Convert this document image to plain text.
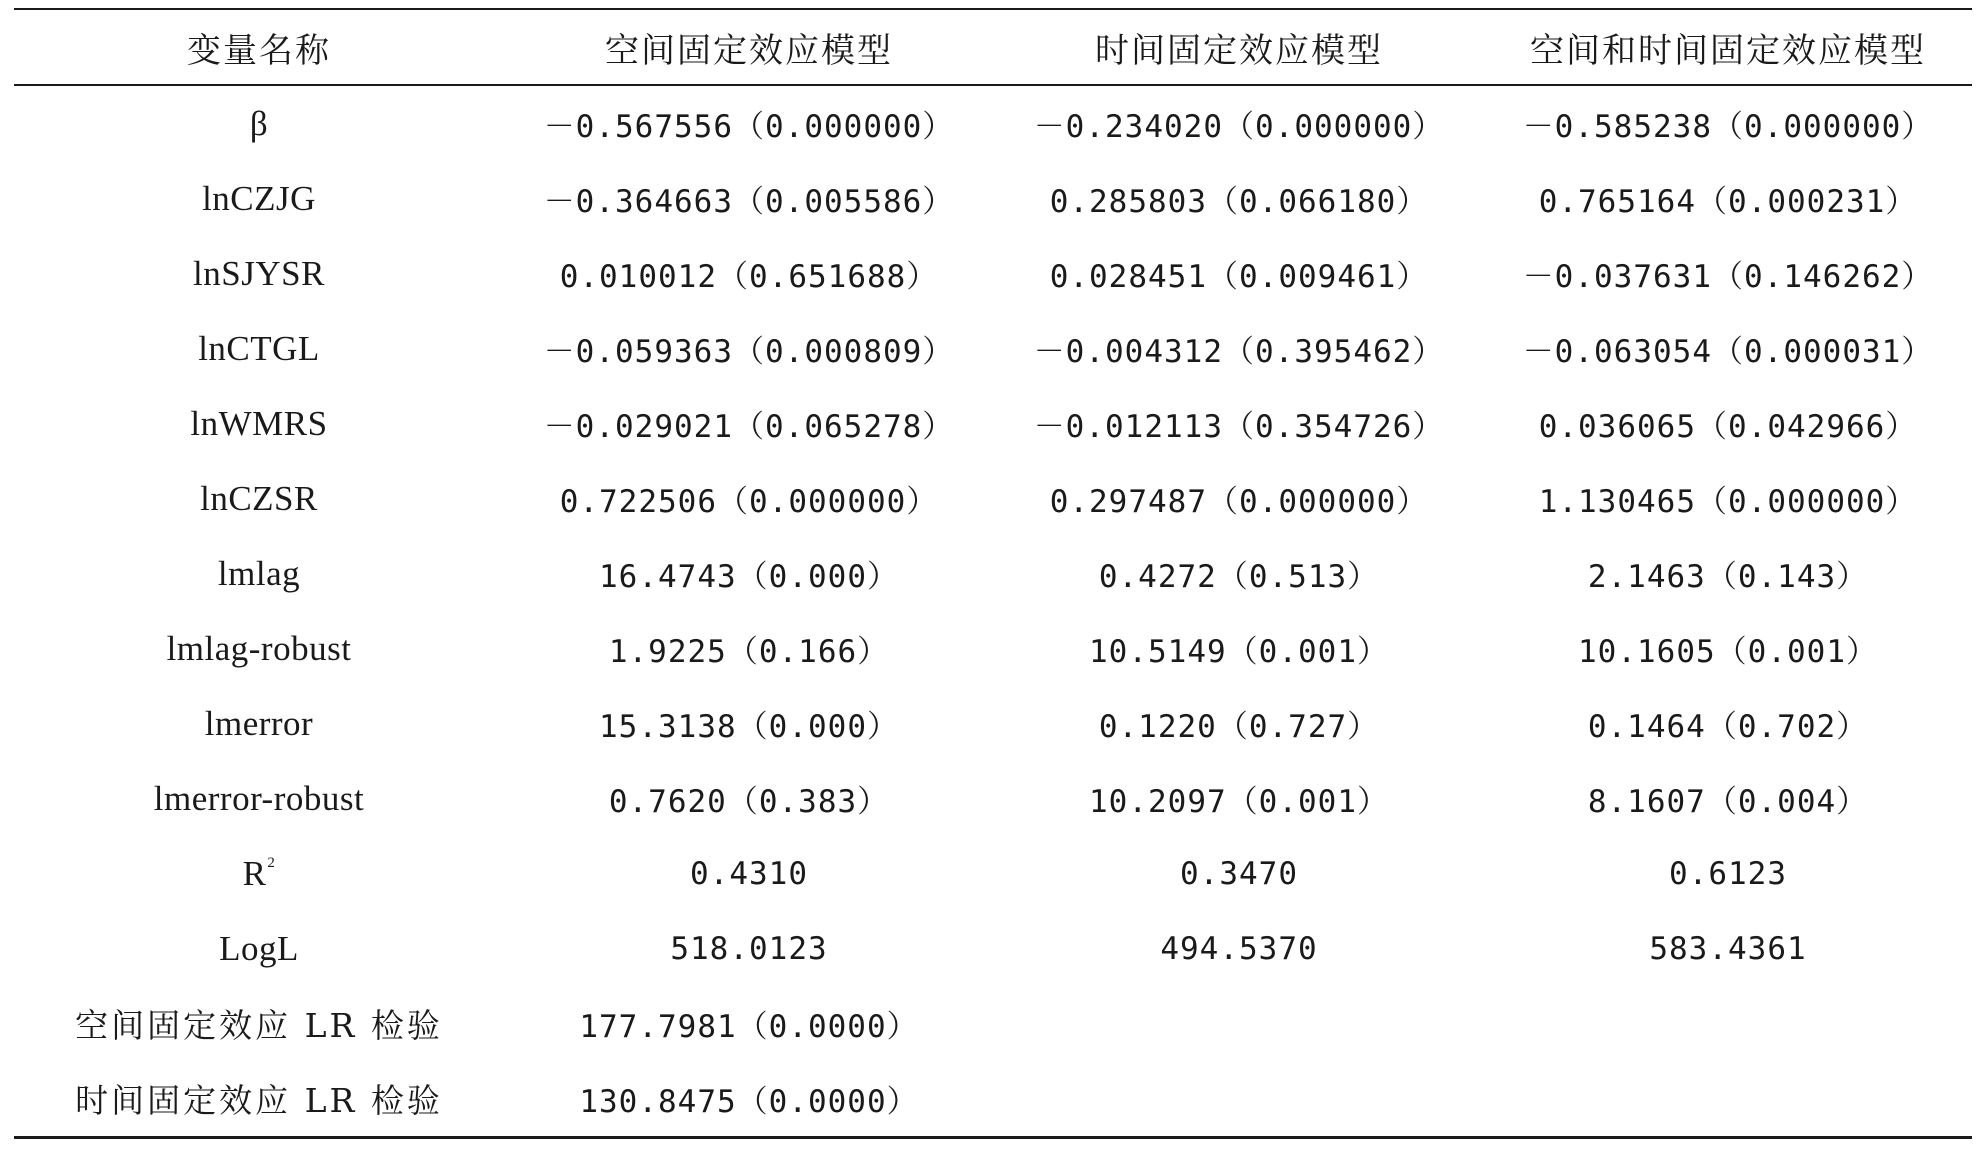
变量名称	空间固定效应模型	时间固定效应模型	空间和时间固定效应模型
β	－0.567556（0.000000）	－0.234020（0.000000）	－0.585238（0.000000）
lnCZJG	－0.364663（0.005586）	0.285803（0.066180）	0.765164（0.000231）
lnSJYSR	0.010012（0.651688）	0.028451（0.009461）	－0.037631（0.146262）
lnCTGL	－0.059363（0.000809）	－0.004312（0.395462）	－0.063054（0.000031）
lnWMRS	－0.029021（0.065278）	－0.012113（0.354726）	0.036065（0.042966）
lnCZSR	0.722506（0.000000）	0.297487（0.000000）	1.130465（0.000000）
lmlag	16.4743（0.000）	0.4272（0.513）	2.1463（0.143）
lmlag-robust	1.9225（0.166）	10.5149（0.001）	10.1605（0.001）
lmerror	15.3138（0.000）	0.1220（0.727）	0.1464（0.702）
lmerror-robust	0.7620（0.383）	10.2097（0.001）	8.1607（0.004）
$R^2$	0.4310	0.3470	0.6123
LogL	518.0123	494.5370	583.4361
空间固定效应 LR 检验	177.7981（0.0000）
时间固定效应 LR 检验	130.8475（0.0000）
